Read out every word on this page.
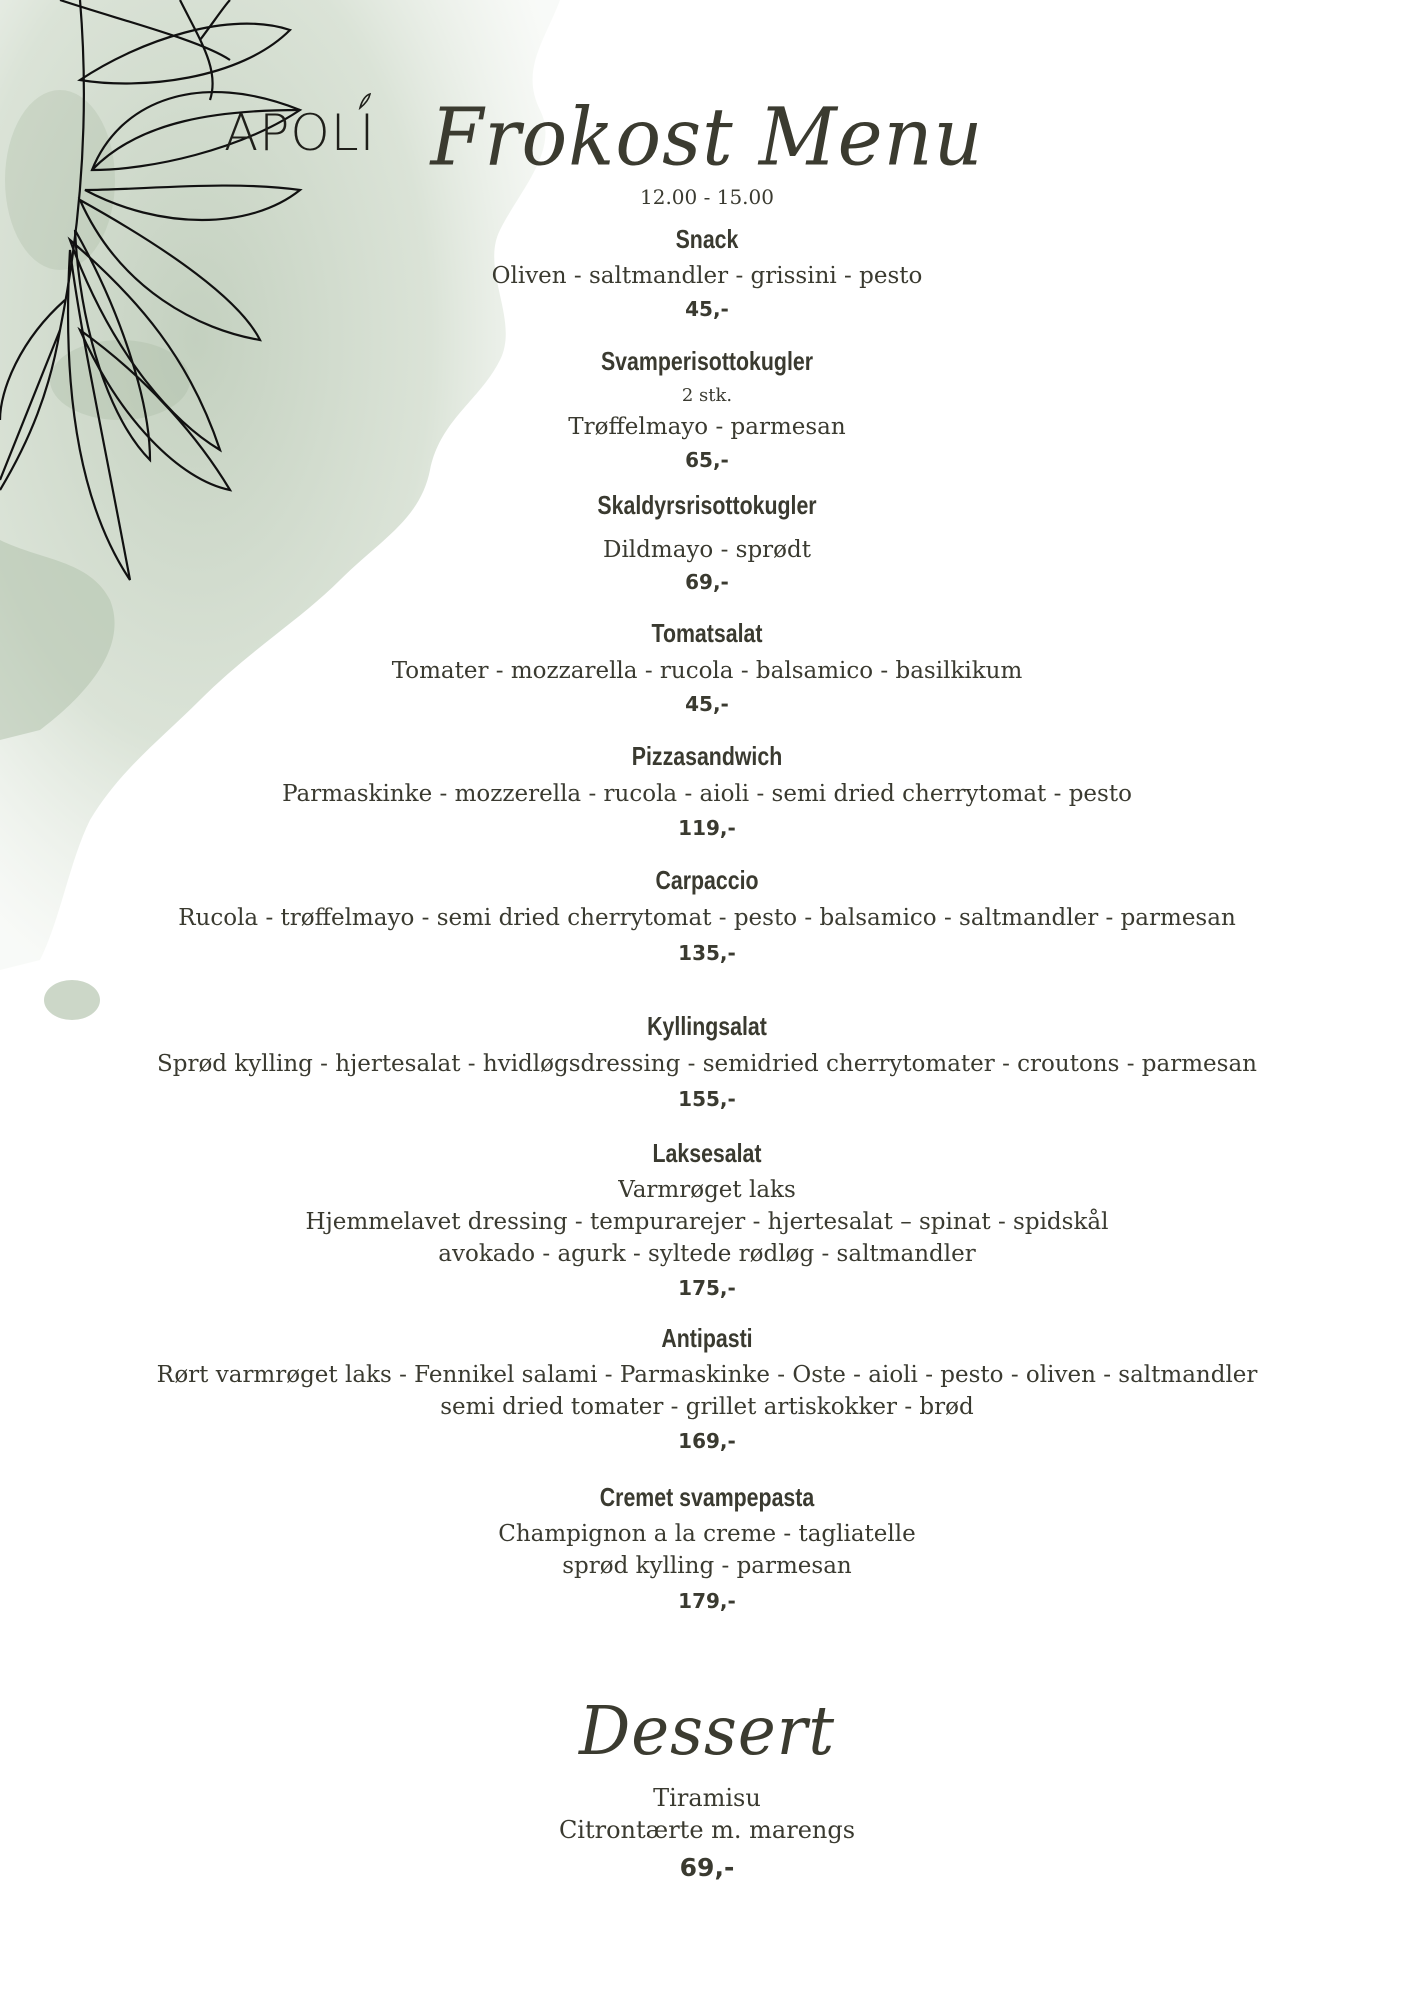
APOLI Frokost Menu
12.00 - 15.00
Snack
Oliven - saltmandler - grissini - pesto
45,-
Svamperisottokugler
2 stk.
Trøffelmayo - parmesan
65,-
Skaldyrsrisottokugler
Dildmayo - sprødt
69,-
Tomatsalat
Tomater - mozzarella - rucola - balsamico - basilkikum
45,-
Pizzasandwich
Parmaskinke - mozzerella - rucola - aioli - semi dried cherrytomat - pesto
119,-
Carpaccio
Rucola - trøffelmayo - semi dried cherrytomat - pesto - balsamico - saltmandler - parmesan
135,-
Kyllingsalat
Sprød kylling - hjertesalat - hvidløgsdressing - semidried cherrytomater - croutons - parmesan
155,-
Laksesalat
Varmrøget laks
Hjemmelavet dressing - tempurarejer - hjertesalat – spinat - spidskål
avokado - agurk - syltede rødløg - saltmandler
175,-
Antipasti
Rørt varmrøget laks - Fennikel salami - Parmaskinke - Oste - aioli - pesto - oliven - saltmandler
semi dried tomater - grillet artiskokker - brød
169,-
Cremet svampepasta
Champignon a la creme - tagliatelle
sprød kylling - parmesan
179,-
Dessert
Tiramisu
Citrontærte m. marengs
69,-
